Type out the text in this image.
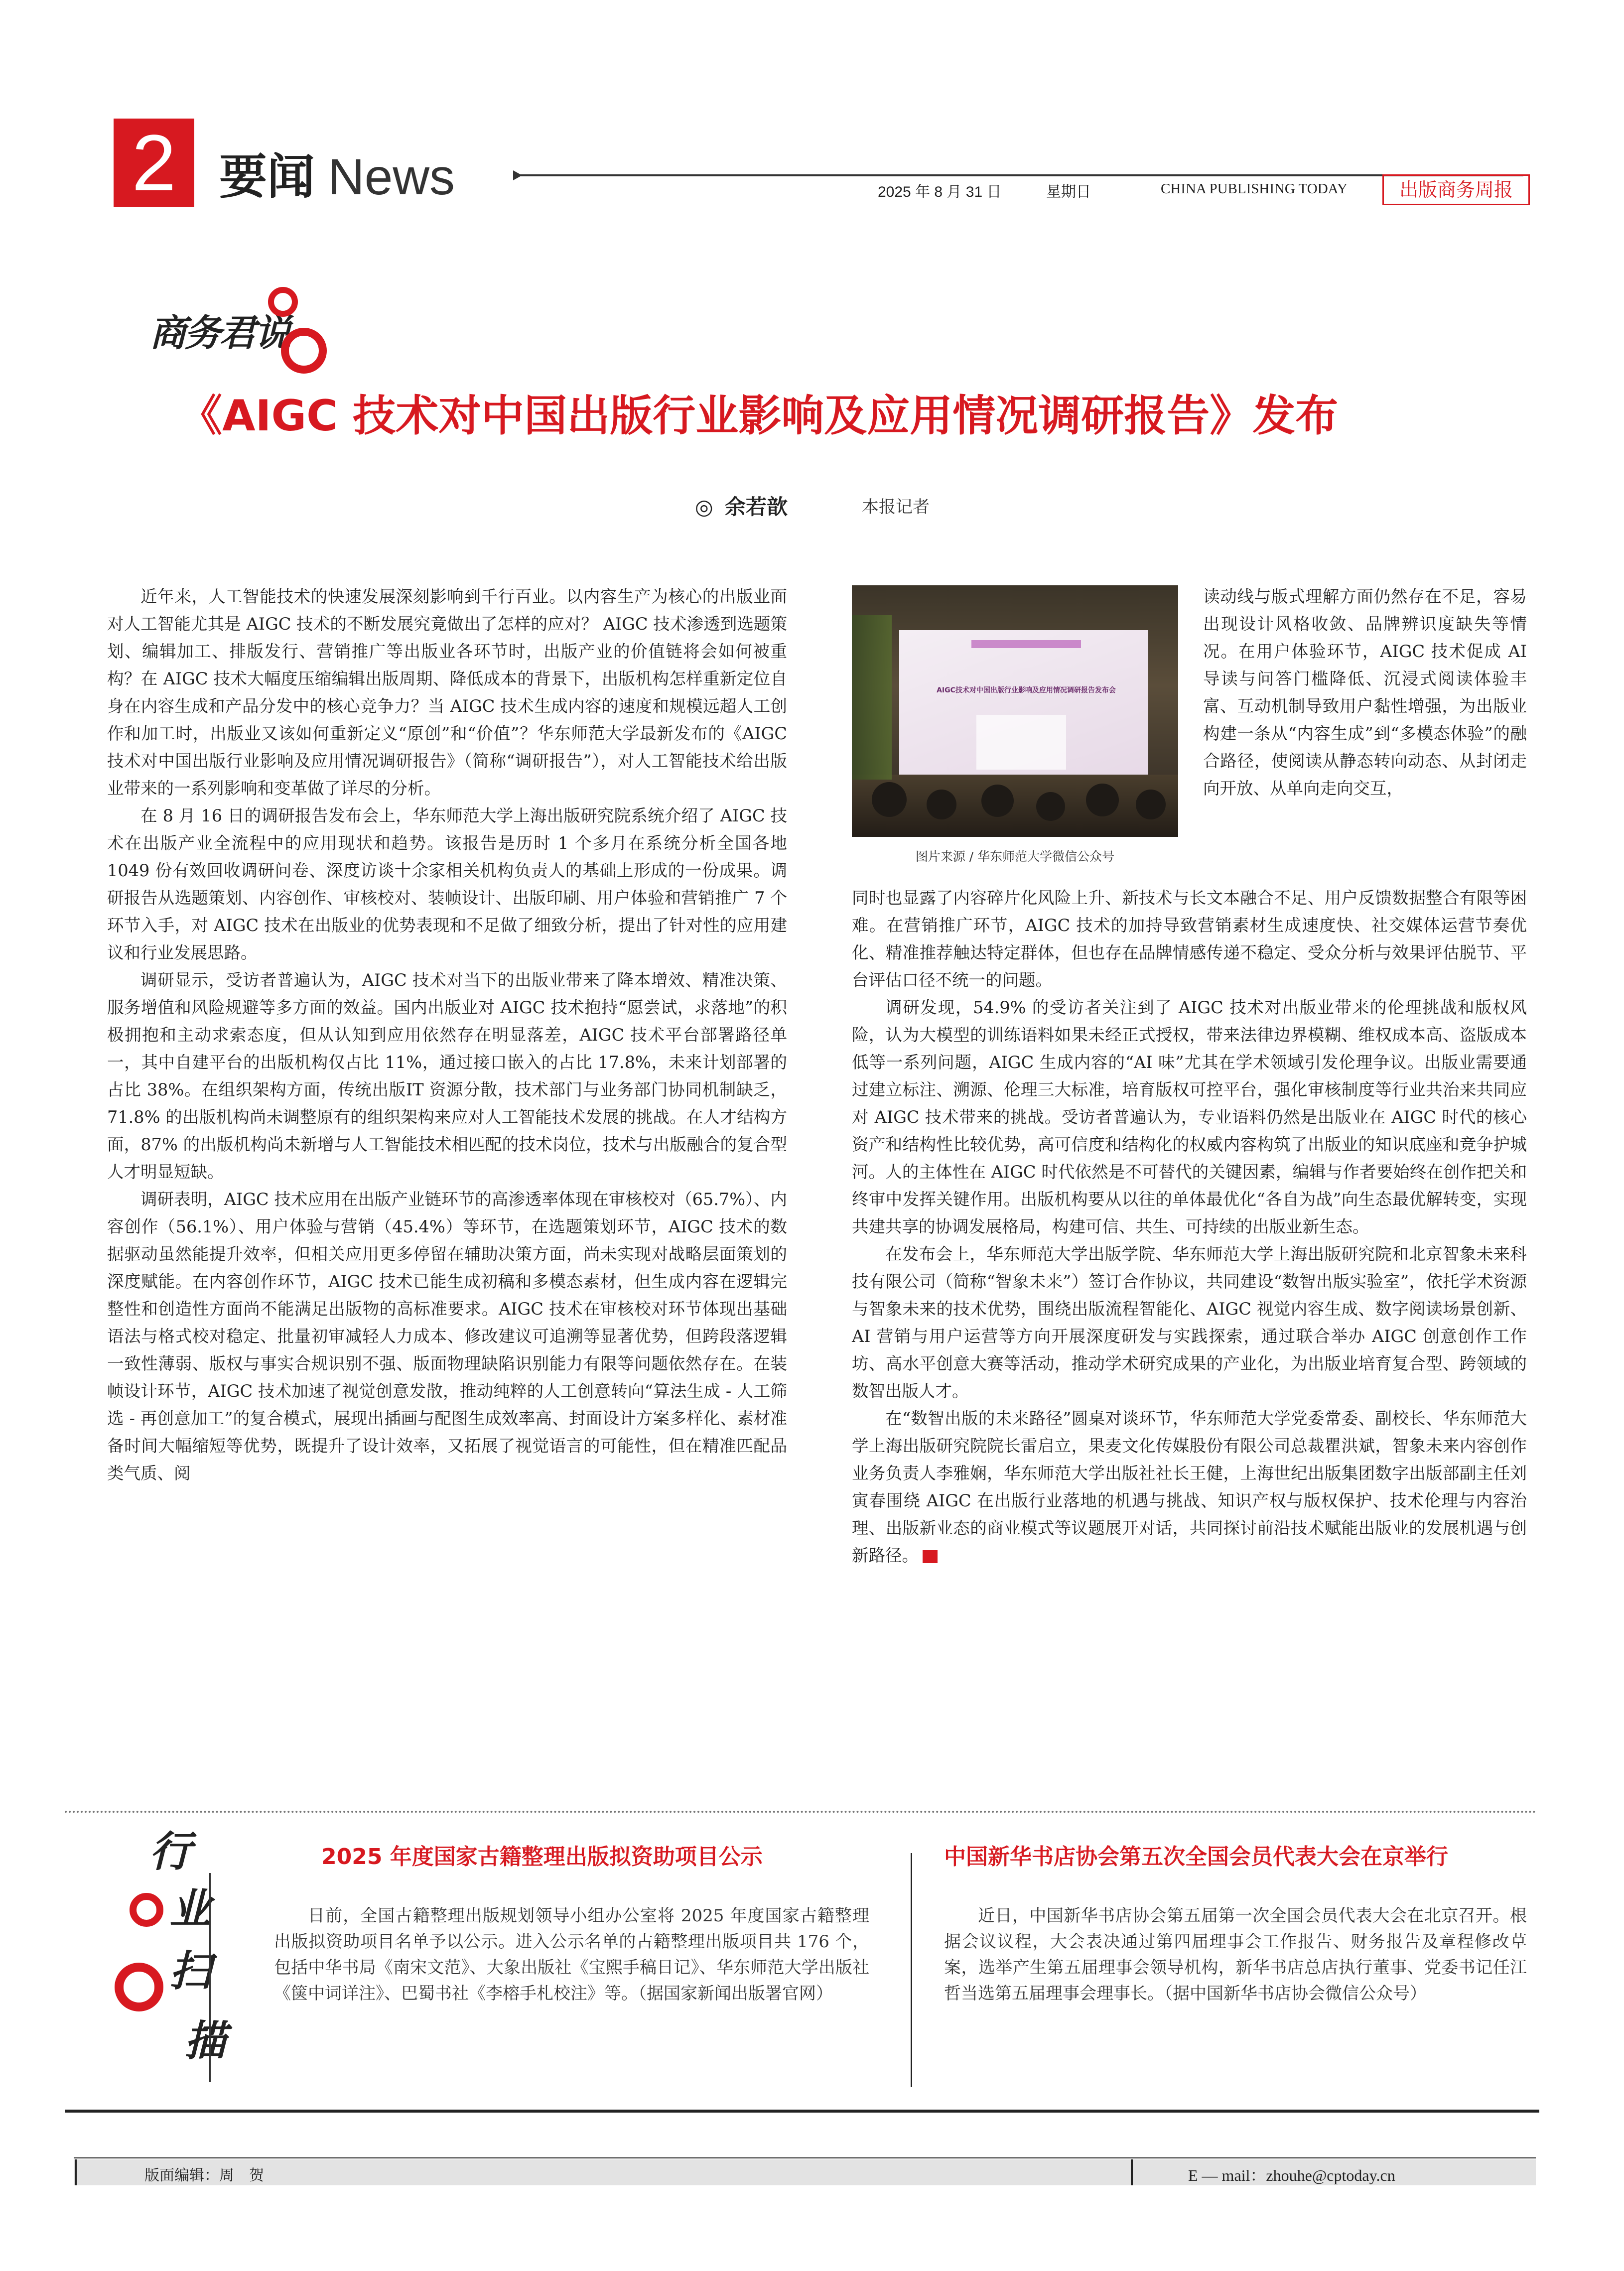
2 要闻 News	2025 年 8 月 31 日	星期日	CHINA PUBLISHING TODAY	出版商务周报
商务君说
《AIGC 技术对中国出版行业影响及应用情况调研报告》发布
◎ 余若歆	本报记者

近年来，人工智能技术的快速发展深刻影响到千行百业。以内容生产为核心的出版业面对人工智能尤其是 AIGC 技术的不断发展究竟做出了怎样的应对？ AIGC 技术渗透到选题策划、编辑加工、排版发行、营销推广等出版业各环节时，出版产业的价值链将会如何被重构？在 AIGC 技术大幅度压缩编辑出版周期、降低成本的背景下，出版机构怎样重新定位自身在内容生成和产品分发中的核心竞争力？当 AIGC 技术生成内容的速度和规模远超人工创作和加工时，出版业又该如何重新定义“原创”和“价值”？华东师范大学最新发布的《AIGC 技术对中国出版行业影响及应用情况调研报告》（简称“调研报告”），对人工智能技术给出版业带来的一系列影响和变革做了详尽的分析。

在 8 月 16 日的调研报告发布会上，华东师范大学上海出版研究院系统介绍了 AIGC 技术在出版产业全流程中的应用现状和趋势。该报告是历时 1 个多月在系统分析全国各地 1049 份有效回收调研问卷、深度访谈十余家相关机构负责人的基础上形成的一份成果。调研报告从选题策划、内容创作、审核校对、装帧设计、出版印刷、用户体验和营销推广 7 个环节入手，对 AIGC 技术在出版业的优势表现和不足做了细致分析，提出了针对性的应用建议和行业发展思路。

调研显示，受访者普遍认为，AIGC 技术对当下的出版业带来了降本增效、精准决策、服务增值和风险规避等多方面的效益。国内出版业对 AIGC 技术抱持“愿尝试，求落地”的积极拥抱和主动求索态度，但从认知到应用依然存在明显落差，AIGC 技术平台部署路径单一，其中自建平台的出版机构仅占比 11%，通过接口嵌入的占比 17.8%，未来计划部署的占比 38%。在组织架构方面，传统出版IT 资源分散，技术部门与业务部门协同机制缺乏，71.8% 的出版机构尚未调整原有的组织架构来应对人工智能技术发展的挑战。在人才结构方面，87% 的出版机构尚未新增与人工智能技术相匹配的技术岗位，技术与出版融合的复合型人才明显短缺。

调研表明，AIGC 技术应用在出版产业链环节的高渗透率体现在审核校对（65.7%）、内容创作（56.1%）、用户体验与营销（45.4%）等环节，在选题策划环节，AIGC 技术的数据驱动虽然能提升效率，但相关应用更多停留在辅助决策方面，尚未实现对战略层面策划的深度赋能。在内容创作环节，AIGC 技术已能生成初稿和多模态素材，但生成内容在逻辑完整性和创造性方面尚不能满足出版物的高标准要求。AIGC 技术在审核校对环节体现出基础语法与格式校对稳定、批量初审减轻人力成本、修改建议可追溯等显著优势，但跨段落逻辑一致性薄弱、版权与事实合规识别不强、版面物理缺陷识别能力有限等问题依然存在。在装帧设计环节，AIGC 技术加速了视觉创意发散，推动纯粹的人工创意转向“算法生成 - 人工筛选 - 再创意加工”的复合模式，展现出插画与配图生成效率高、封面设计方案多样化、素材准备时间大幅缩短等优势，既提升了设计效率，又拓展了视觉语言的可能性，但在精准匹配品类气质、阅

AIGC技术对中国出版行业影响及应用情况调研报告发布会
图片来源 / 华东师范大学微信公众号

读动线与版式理解方面仍然存在不足，容易出现设计风格收敛、品牌辨识度缺失等情况。在用户体验环节，AIGC 技术促成 AI 导读与问答门槛降低、沉浸式阅读体验丰富、互动机制导致用户黏性增强，为出版业构建一条从“内容生成”到“多模态体验”的融合路径，使阅读从静态转向动态、从封闭走向开放、从单向走向交互，

同时也显露了内容碎片化风险上升、新技术与长文本融合不足、用户反馈数据整合有限等困难。在营销推广环节，AIGC 技术的加持导致营销素材生成速度快、社交媒体运营节奏优化、精准推荐触达特定群体，但也存在品牌情感传递不稳定、受众分析与效果评估脱节、平台评估口径不统一的问题。

调研发现，54.9% 的受访者关注到了 AIGC 技术对出版业带来的伦理挑战和版权风险，认为大模型的训练语料如果未经正式授权，带来法律边界模糊、维权成本高、盗版成本低等一系列问题，AIGC 生成内容的“AI 味”尤其在学术领域引发伦理争议。出版业需要通过建立标注、溯源、伦理三大标准，培育版权可控平台，强化审核制度等行业共治来共同应对 AIGC 技术带来的挑战。受访者普遍认为，专业语料仍然是出版业在 AIGC 时代的核心资产和结构性比较优势，高可信度和结构化的权威内容构筑了出版业的知识底座和竞争护城河。人的主体性在 AIGC 时代依然是不可替代的关键因素，编辑与作者要始终在创作把关和终审中发挥关键作用。出版机构要从以往的单体最优化“各自为战”向生态最优解转变，实现共建共享的协调发展格局，构建可信、共生、可持续的出版业新生态。

在发布会上，华东师范大学出版学院、华东师范大学上海出版研究院和北京智象未来科技有限公司（简称“智象未来”）签订合作协议，共同建设“数智出版实验室”，依托学术资源与智象未来的技术优势，围绕出版流程智能化、AIGC 视觉内容生成、数字阅读场景创新、AI 营销与用户运营等方向开展深度研发与实践探索，通过联合举办 AIGC 创意创作工作坊、高水平创意大赛等活动，推动学术研究成果的产业化，为出版业培育复合型、跨领域的数智出版人才。

在“数智出版的未来路径”圆桌对谈环节，华东师范大学党委常委、副校长、华东师范大学上海出版研究院院长雷启立，果麦文化传媒股份有限公司总裁瞿洪斌，智象未来内容创作业务负责人李雅娴，华东师范大学出版社社长王健，上海世纪出版集团数字出版部副主任刘寅春围绕 AIGC 在出版行业落地的机遇与挑战、知识产权与版权保护、技术伦理与内容治理、出版新业态的商业模式等议题展开对话，共同探讨前沿技术赋能出版业的发展机遇与创新路径。

行
业
扫
描
2025 年度国家古籍整理出版拟资助项目公示

日前，全国古籍整理出版规划领导小组办公室将 2025 年度国家古籍整理出版拟资助项目名单予以公示。进入公示名单的古籍整理出版项目共 176 个，包括中华书局《南宋文范》、大象出版社《宝熙手稿日记》、华东师范大学出版社《箧中词详注》、巴蜀书社《李榕手札校注》等。（据国家新闻出版署官网）

中国新华书店协会第五次全国会员代表大会在京举行

近日，中国新华书店协会第五届第一次全国会员代表大会在北京召开。根据会议议程，大会表决通过第四届理事会工作报告、财务报告及章程修改草案，选举产生第五届理事会领导机构，新华书店总店执行董事、党委书记任江哲当选第五届理事会理事长。（据中国新华书店协会微信公众号）

版面编辑：周　贺	E — mail：zhouhe@cptoday.cn
